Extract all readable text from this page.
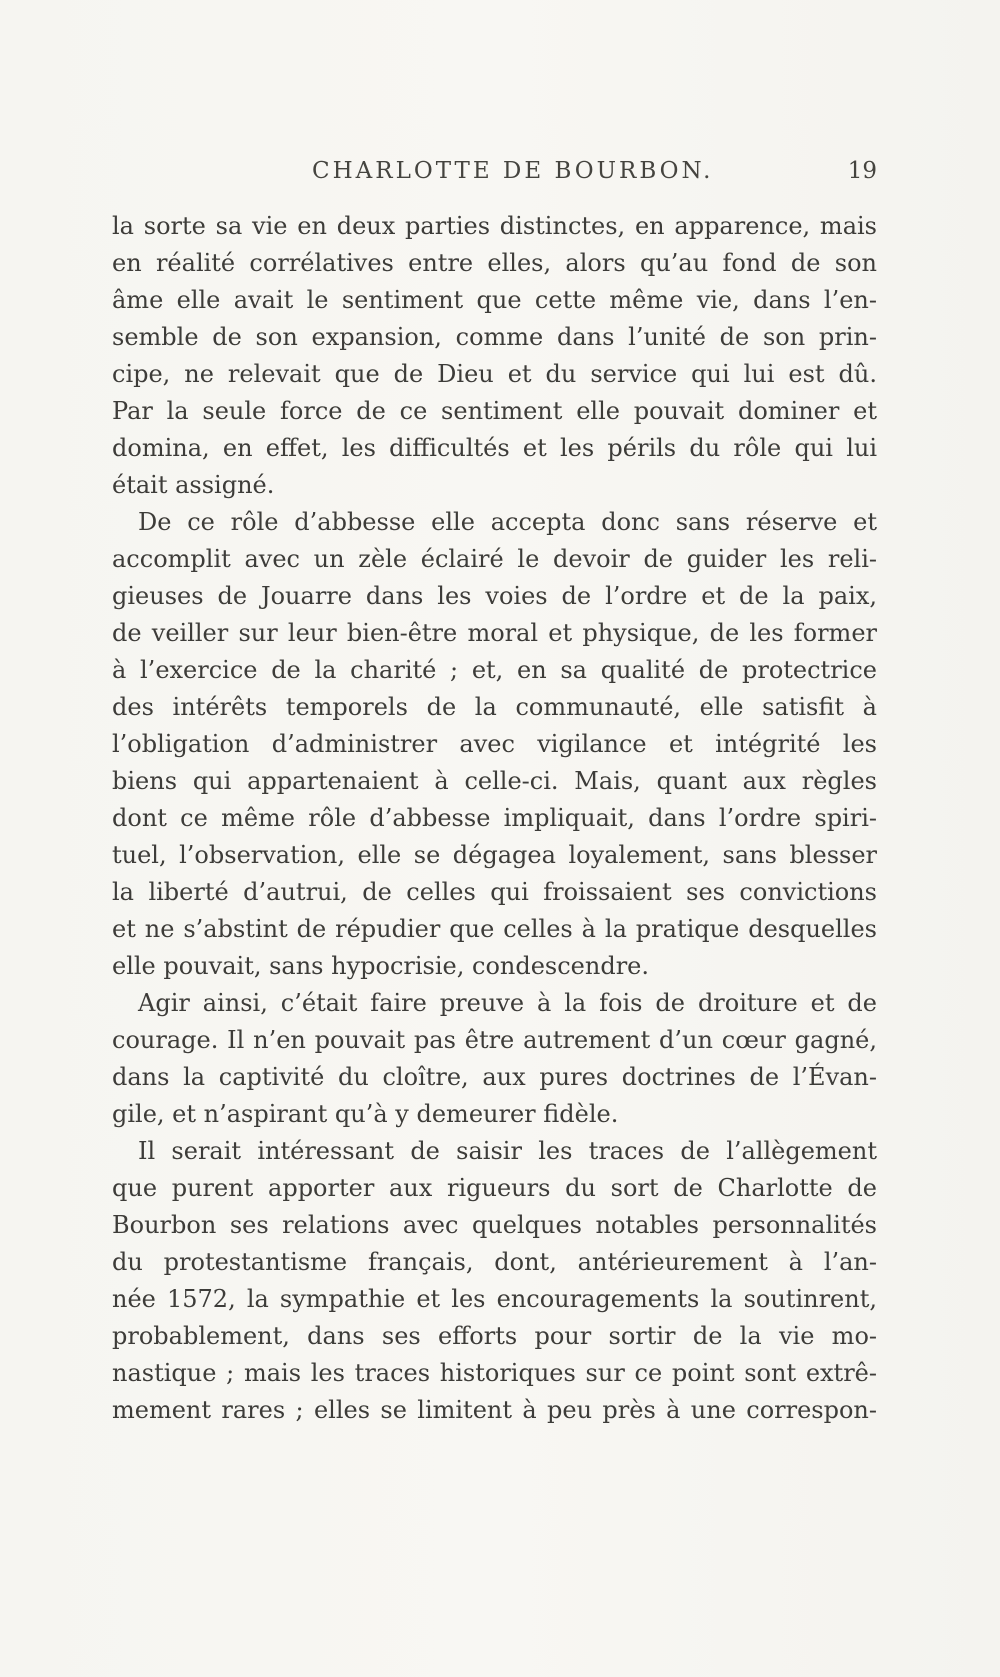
CHARLOTTE DE BOURBON.	19
la sorte sa vie en deux parties distinctes, en apparence, mais
en réalité corrélatives entre elles, alors qu’au fond de son
âme elle avait le sentiment que cette même vie, dans l’en-
semble de son expansion, comme dans l’unité de son prin-
cipe, ne relevait que de Dieu et du service qui lui est dû.
Par la seule force de ce sentiment elle pouvait dominer et
domina, en effet, les difficultés et les périls du rôle qui lui
était assigné.
De ce rôle d’abbesse elle accepta donc sans réserve et
accomplit avec un zèle éclairé le devoir de guider les reli-
gieuses de Jouarre dans les voies de l’ordre et de la paix,
de veiller sur leur bien-être moral et physique, de les former
à l’exercice de la charité ; et, en sa qualité de protectrice
des intérêts temporels de la communauté, elle satisfit à
l’obligation d’administrer avec vigilance et intégrité les
biens qui appartenaient à celle-ci. Mais, quant aux règles
dont ce même rôle d’abbesse impliquait, dans l’ordre spiri-
tuel, l’observation, elle se dégagea loyalement, sans blesser
la liberté d’autrui, de celles qui froissaient ses convictions
et ne s’abstint de répudier que celles à la pratique desquelles
elle pouvait, sans hypocrisie, condescendre.
Agir ainsi, c’était faire preuve à la fois de droiture et de
courage. Il n’en pouvait pas être autrement d’un cœur gagné,
dans la captivité du cloître, aux pures doctrines de l’Évan-
gile, et n’aspirant qu’à y demeurer fidèle.
Il serait intéressant de saisir les traces de l’allègement
que purent apporter aux rigueurs du sort de Charlotte de
Bourbon ses relations avec quelques notables personnalités
du protestantisme français, dont, antérieurement à l’an-
née 1572, la sympathie et les encouragements la soutinrent,
probablement, dans ses efforts pour sortir de la vie mo-
nastique ; mais les traces historiques sur ce point sont extrê-
mement rares ; elles se limitent à peu près à une correspon-
